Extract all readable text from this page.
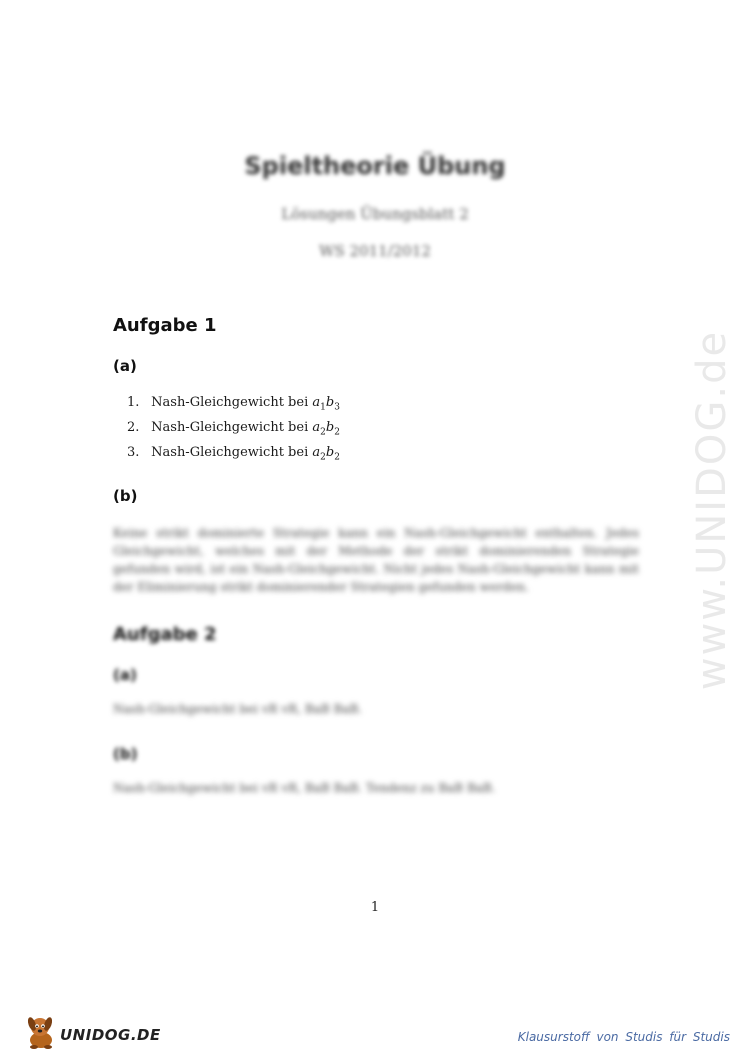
www.UNIDOG.de
Spieltheorie Übung
Lösungen Übungsblatt 2
WS 2011/2012
Aufgabe 1
(a)
1. Nash-Gleichgewicht bei $a_1b_3$
2. Nash-Gleichgewicht bei $a_2b_2$
3. Nash-Gleichgewicht bei $a_2b_2$
(b)
Keine strikt dominierte Strategie kann ein Nash-Gleichgewicht enthalten. Jedes Gleichgewicht, welches mit der Methode der strikt dominierenden Strategie gefunden wird, ist ein Nash-Gleichgewicht. Nicht jedes Nash-Gleichgewicht kann mit der Eliminierung strikt dominierender Strategien gefunden werden.
Aufgabe 2
(a)
Nash-Gleichgewicht bei vR vR, BaB BaB.
(b)
Nash-Gleichgewicht bei vR vR, BaB BaB. Tendenz zu BaB BaB.
1
UNIDOG.DE	Klausurstoff von Studis für Studis
